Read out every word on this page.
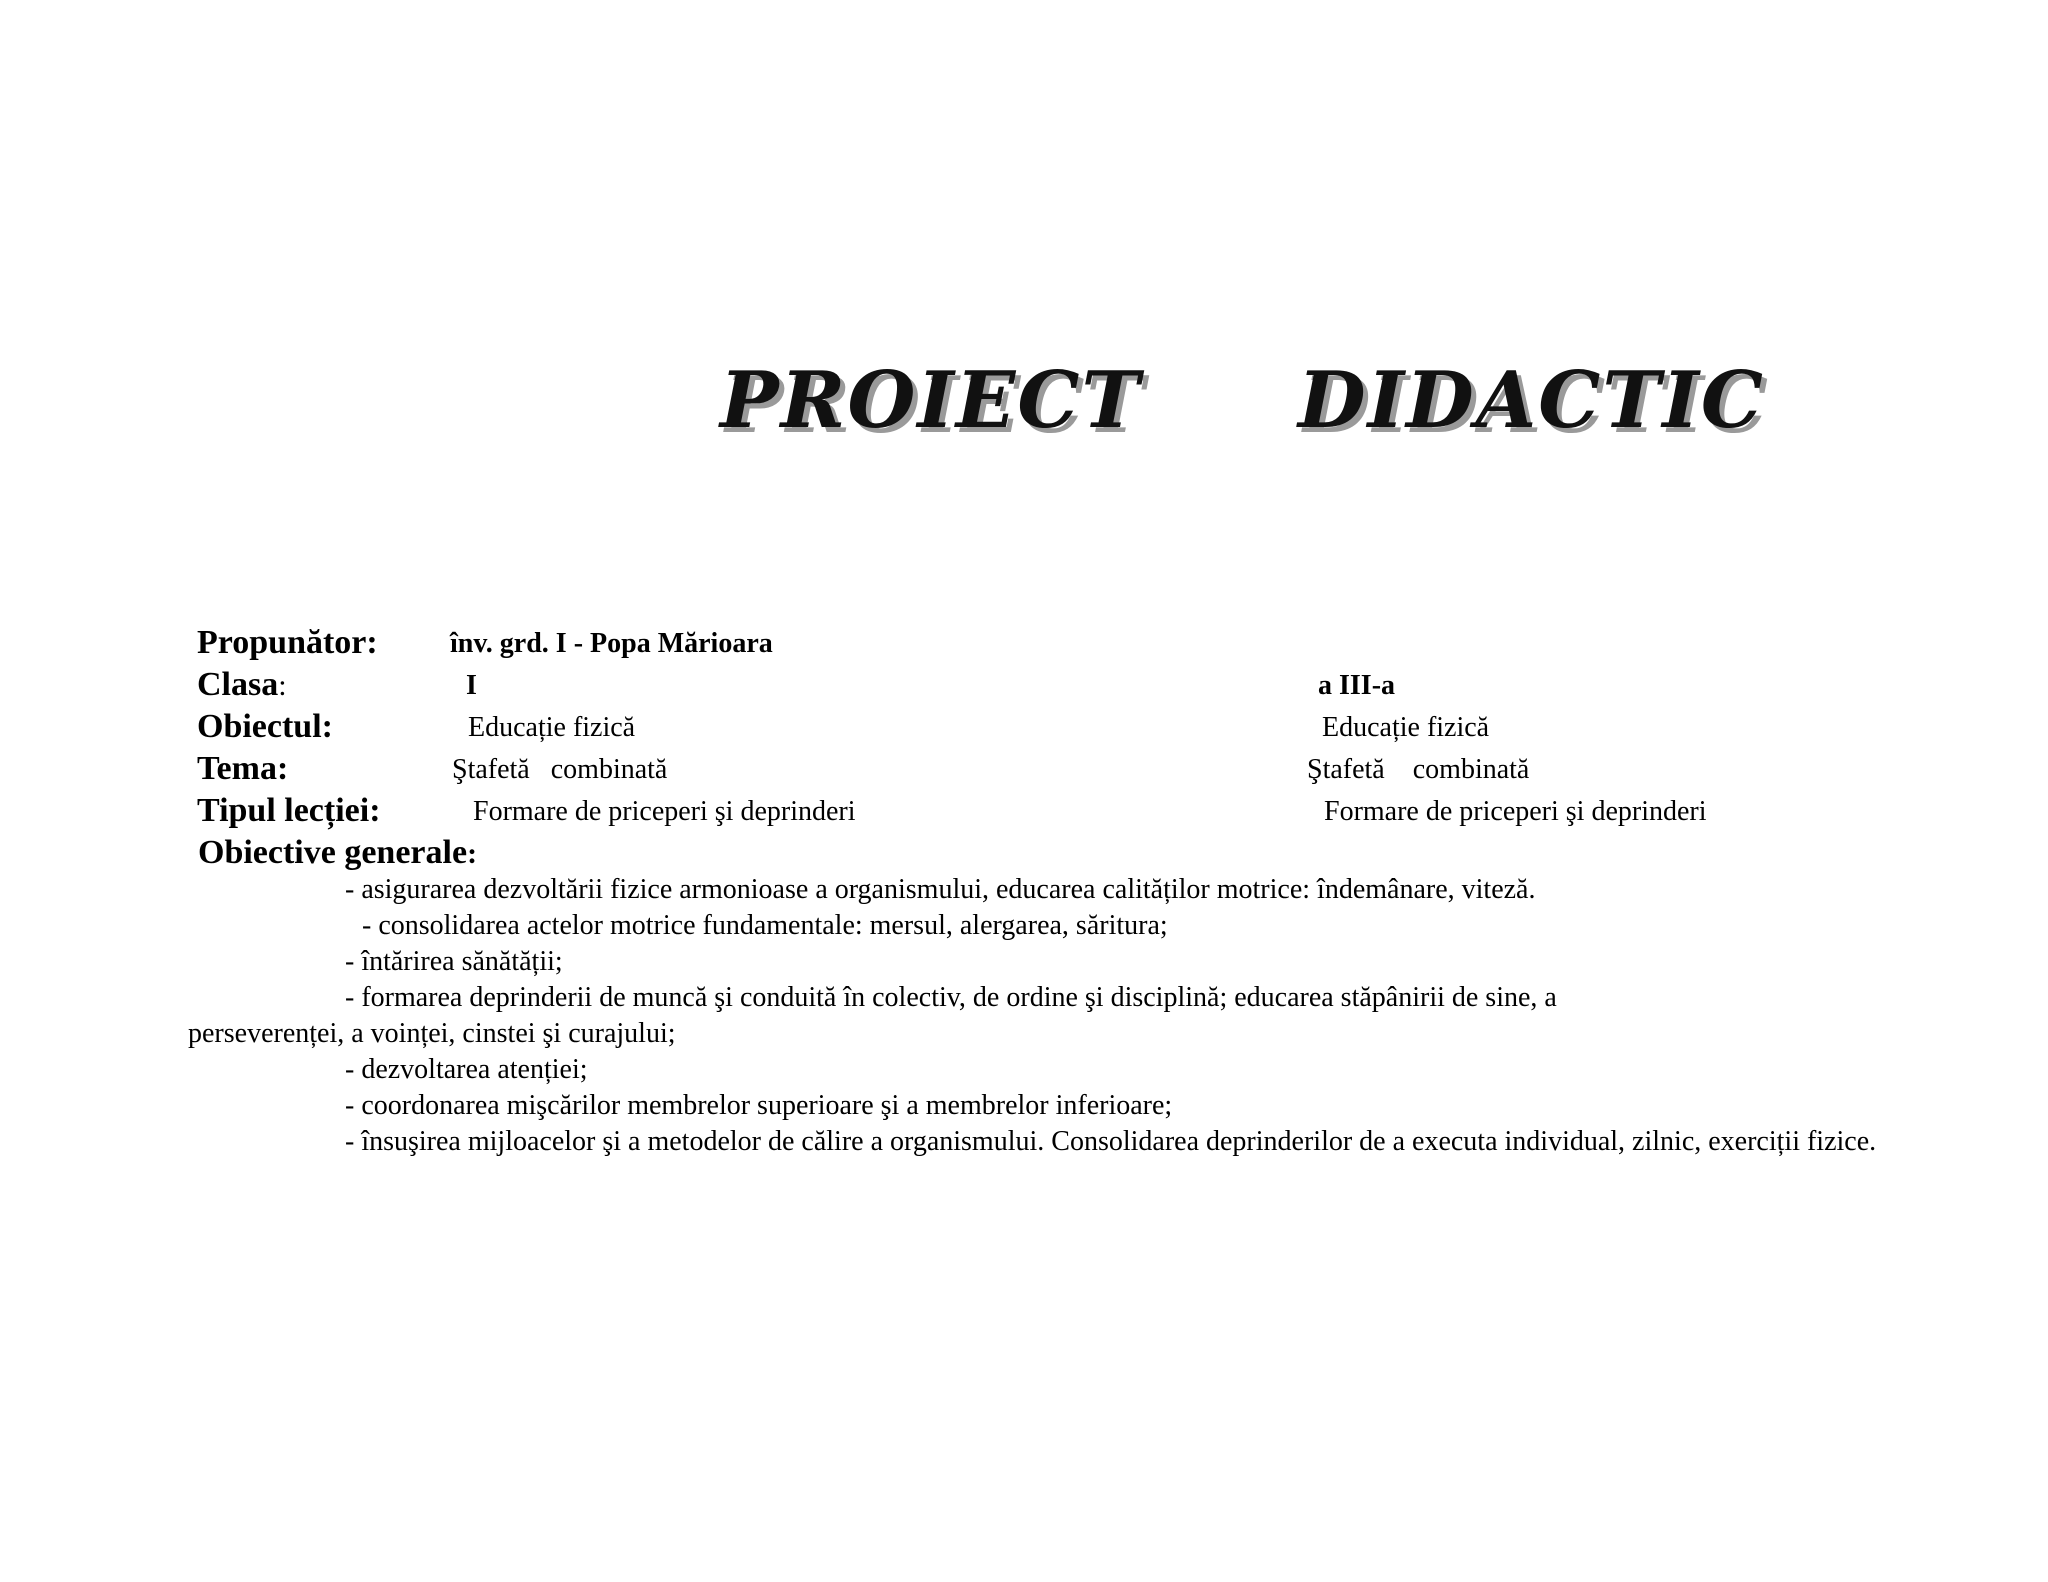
PROIECT DIDACTIC
Propunător:	înv. grd. I - Popa Mărioara
Clasa:	I	a III-a
Obiectul:	Educație fizică	Educație fizică
Tema:	Ştafetă   combinată	Ştafetă    combinată
Tipul lecției:	Formare de priceperi şi deprinderi	Formare de priceperi şi deprinderi
Obiective generale:

- asigurarea dezvoltării fizice armonioase a organismului, educarea calităților motrice: îndemânare, viteză.

- consolidarea actelor motrice fundamentale: mersul, alergarea, săritura;

- întărirea sănătății;

- formarea deprinderii de muncă şi conduită în colectiv, de ordine şi disciplină; educarea stăpânirii de sine, a perseverenței, a voinței, cinstei şi curajului;

- dezvoltarea atenției;

- coordonarea mişcărilor membrelor superioare şi a membrelor inferioare;

- însuşirea mijloacelor şi a metodelor de călire a organismului. Consolidarea deprinderilor de a executa individual, zilnic, exerciții fizice.
